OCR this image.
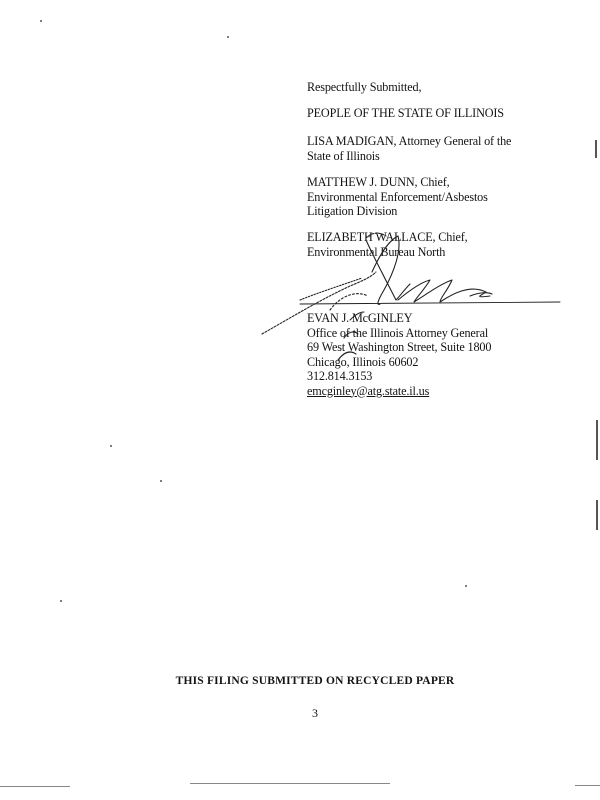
Respectfully Submitted,
PEOPLE OF THE STATE OF ILLINOIS
LISA MADIGAN, Attorney General of the
State of Illinois
MATTHEW J. DUNN, Chief,
Environmental Enforcement/Asbestos
Litigation Division
ELIZABETH WALLACE, Chief,
Environmental Bureau North
EVAN J. McGINLEY
Office of the Illinois Attorney General
69 West Washington Street, Suite 1800
Chicago, Illinois 60602
312.814.3153
emcginley@atg.state.il.us
THIS FILING SUBMITTED ON RECYCLED PAPER
3
